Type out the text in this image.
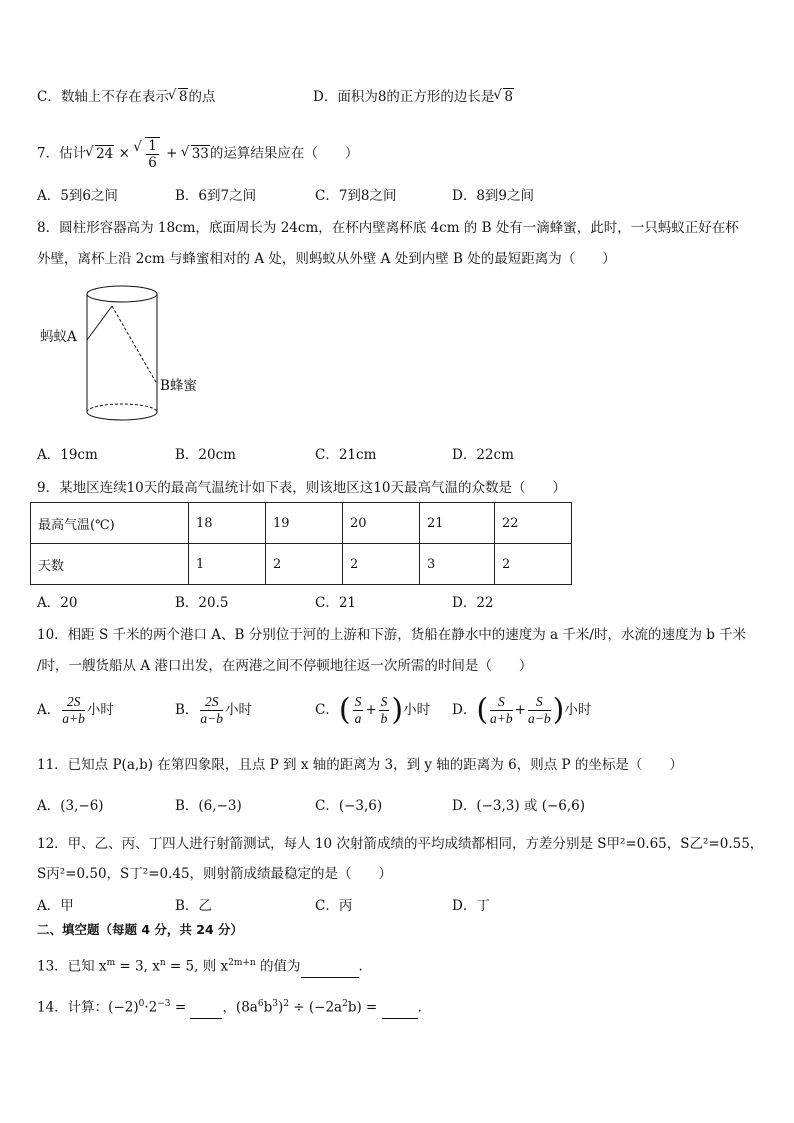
C．数轴上不存在表示 √ 8的点	D．面积为8的正方形的边长是 √ 8
7．估计 √ 24 × √ $\frac{1}{6}$ + √ 33的运算结果应在（　　）
A．5到6之间	B．6到7之间	C．7到8之间	D．8到9之间
8．圆柱形容器高为 18cm，底面周长为 24cm，在杯内壁离杯底 4cm 的 B 处有一滴蜂蜜，此时，一只蚂蚁正好在杯
外壁，离杯上沿 2cm 与蜂蜜相对的 A 处，则蚂蚁从外壁 A 处到内壁 B 处的最短距离为（　　）
蚂蚁A
B蜂蜜
A．19cm	B．20cm	C．21cm	D．22cm
9．某地区连续10天的最高气温统计如下表，则该地区这10天最高气温的众数是（　　）
最高气温(℃)	18	19	20	21	22
天数	1	2	2	3	2
A．20	B．20.5	C．21	D．22
10．相距 S 千米的两个港口 A、B 分别位于河的上游和下游，货船在静水中的速度为 a 千米/时，水流的速度为 b 千米
/时，一艘货船从 A 港口出发，在两港之间不停顿地往返一次所需的时间是（　　）
A． $\frac{2S}{a+b}$ 小时	B． $\frac{2S}{a-b}$ 小时	C．( $\frac{S}{a} + \frac{S}{b}$ )小时 D．( $\frac{S}{a+b} + \frac{S}{a-b}$ )小时
11．已知点 P(a,b) 在第四象限，且点 P 到 x 轴的距离为 3，到 y 轴的距离为 6，则点 P 的坐标是（　　）
A．(3,−6)	B．(6,−3)	C．(−3,6)	D．(−3,3) 或 (−6,6)
12．甲、乙、丙、丁四人进行射箭测试，每人 10 次射箭成绩的平均成绩都相同，方差分别是 S甲²=0.65，S乙²=0.55，
S丙²=0.50，S丁²=0.45，则射箭成绩最稳定的是（　　）
A．甲	B．乙	C．丙	D．丁
二、填空题（每题 4 分，共 24 分）
13．已知 $x^m = 3$, $x^n = 5$, 则 $x^{2m+n}$ 的值为	.
14．计算：$(-2)^0\cdot 2^{-3}$ =  ，$(8a^6b^3)^2 \div (-2a^2b)$ =	.
